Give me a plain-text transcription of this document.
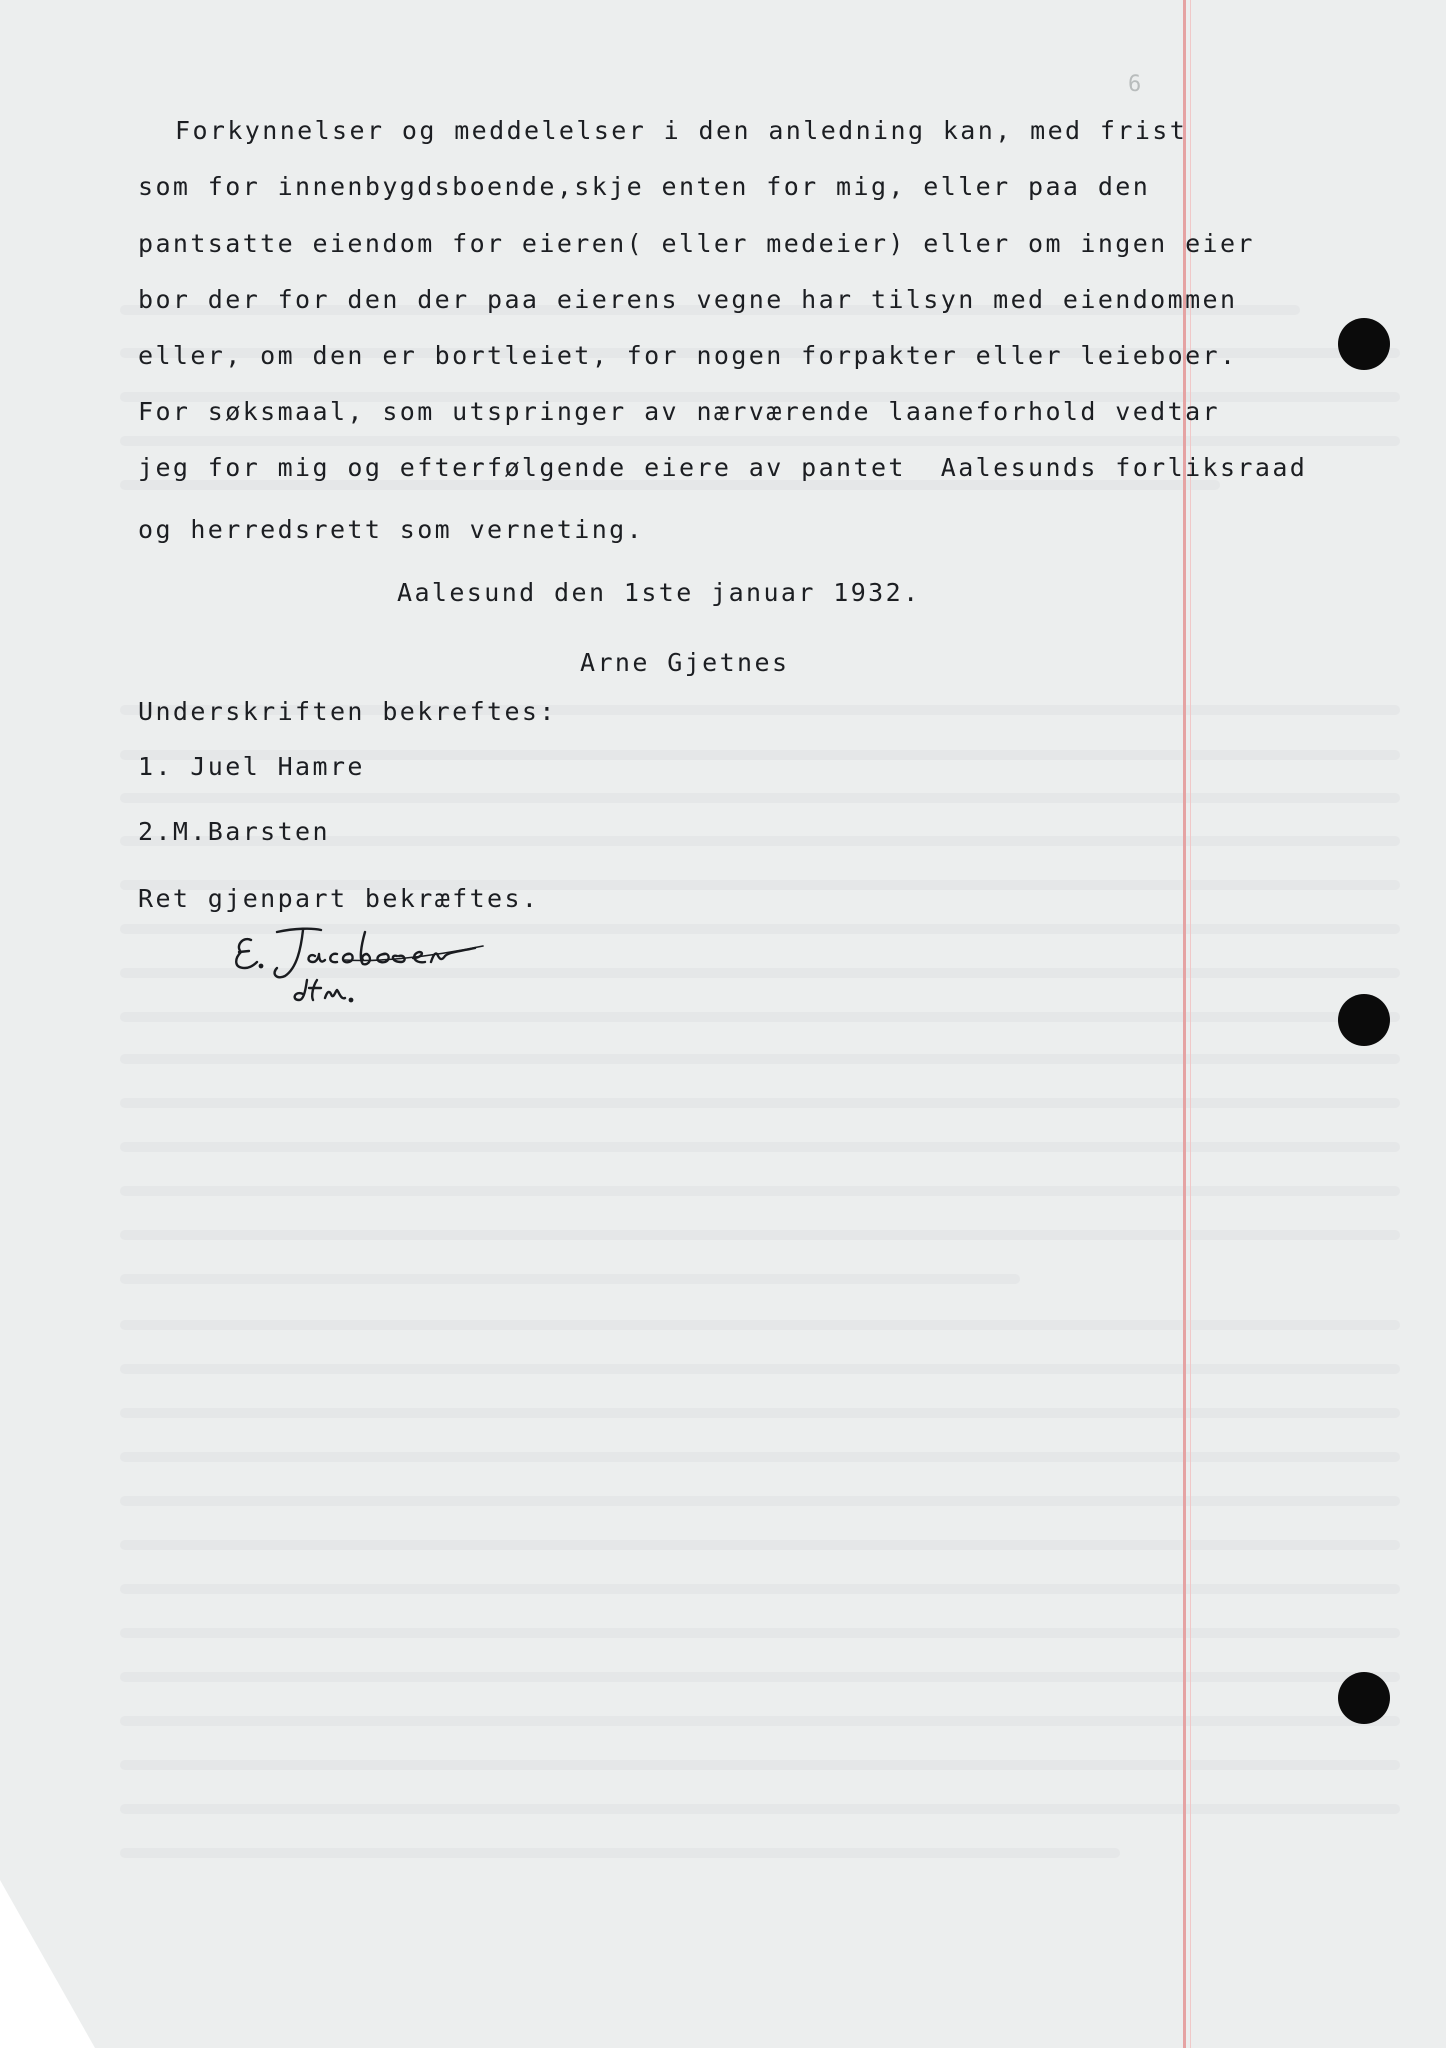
6
Forkynnelser og meddelelser i den anledning kan, med frist
som for innenbygdsboende,skje enten for mig, eller paa den
pantsatte eiendom for eieren( eller medeier) eller om ingen eier
bor der for den der paa eierens vegne har tilsyn med eiendommen
eller, om den er bortleiet, for nogen forpakter eller leieboer.
For søksmaal, som utspringer av nærværende laaneforhold vedtar
jeg for mig og efterfølgende eiere av pantet  Aalesunds forliksraad
og herredsrett som verneting.
Aalesund den 1ste januar 1932.
Arne Gjetnes
Underskriften bekreftes:
1. Juel Hamre
2.M.Barsten
Ret gjenpart bekræftes.
